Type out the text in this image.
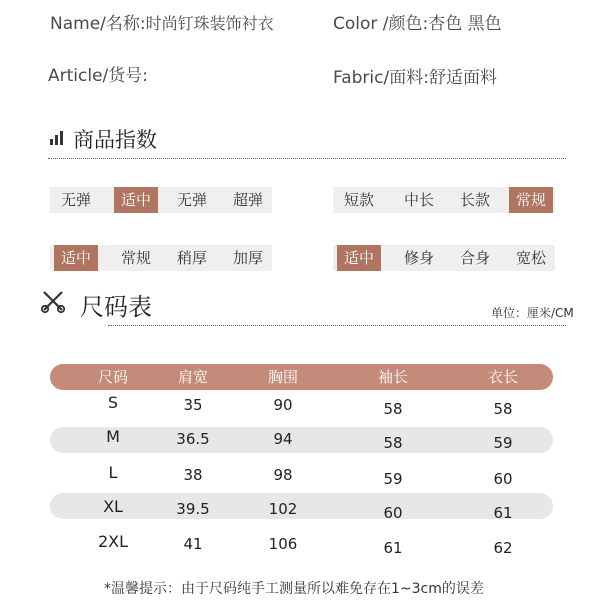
Name/名称:时尚钉珠装饰衬衣	Color /颜色:杏色 黑色
Article/货号:	Fabric/面料:舒适面料
商品指数
无弹	适中	无弹	超弹	短款	中长	长款	常规
适中	常规	稍厚	加厚	适中	修身	合身	宽松
尺码表	单位：厘米/CM
尺码	肩宽	胸围	袖长	衣长
S	35	90	58	58
M	36.5	94	58	59
L	38	98	59	60
XL	39.5	102	60	61
2XL	41	106	61	62
*温馨提示：由于尺码纯手工测量所以难免存在1~3cm的误差
